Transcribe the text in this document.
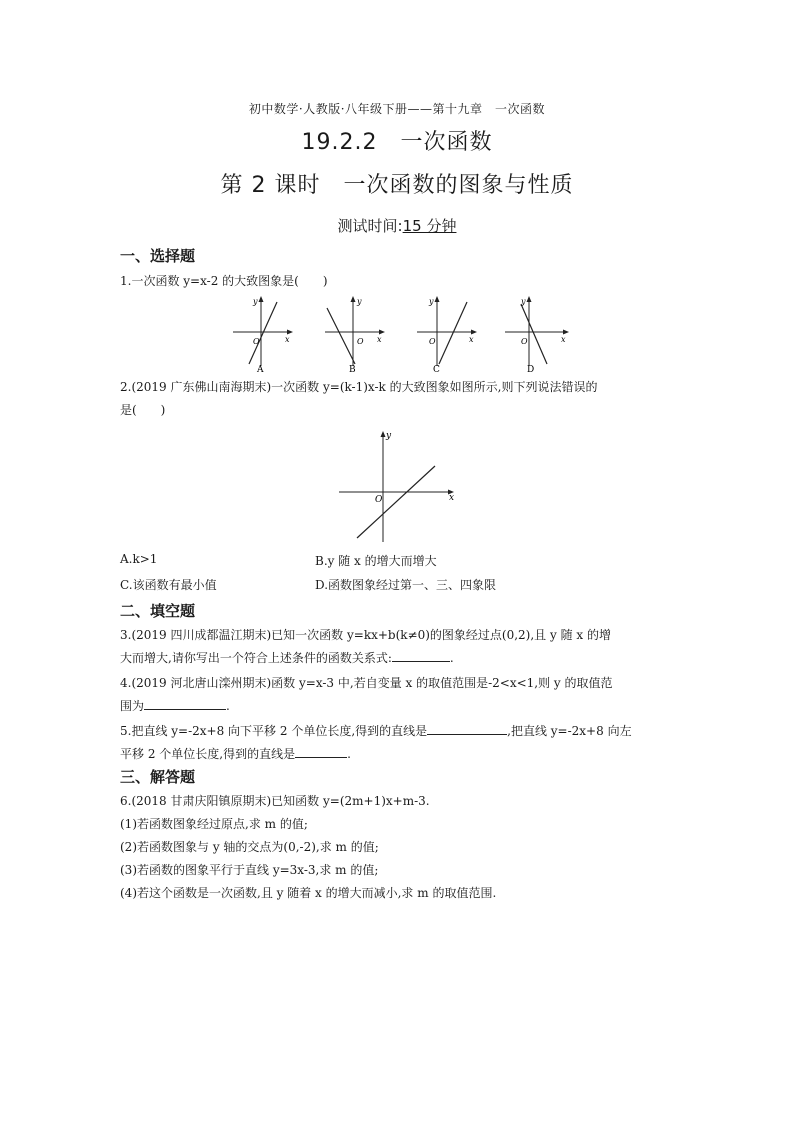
初中数学·人教版·八年级下册——第十九章　一次函数
19.2.2　一次函数
第 2 课时　一次函数的图象与性质
测试时间:15 分钟
一、选择题
1.一次函数 y=x-2 的大致图象是(　　)
O
y
x
A
O
y
x
B
O
y
x
C
O
y
x
D
2.(2019 广东佛山南海期末)一次函数 y=(k-1)x-k 的大致图象如图所示,则下列说法错误的
是(　　)
O
y
x
A.k>1	B.y 随 x 的增大而增大
C.该函数有最小值	D.函数图象经过第一、三、四象限
二、填空题
3.(2019 四川成都温江期末)已知一次函数 y=kx+b(k≠0)的图象经过点(0,2),且 y 随 x 的增
大而增大,请你写出一个符合上述条件的函数关系式:	.
4.(2019 河北唐山滦州期末)函数 y=x-3 中,若自变量 x 的取值范围是-2<x<1,则 y 的取值范
围为	.
5.把直线 y=-2x+8 向下平移 2 个单位长度,得到的直线是	,把直线 y=-2x+8 向左
平移 2 个单位长度,得到的直线是	.
三、解答题
6.(2018 甘肃庆阳镇原期末)已知函数 y=(2m+1)x+m-3.
(1)若函数图象经过原点,求 m 的值;
(2)若函数图象与 y 轴的交点为(0,-2),求 m 的值;
(3)若函数的图象平行于直线 y=3x-3,求 m 的值;
(4)若这个函数是一次函数,且 y 随着 x 的增大而减小,求 m 的取值范围.
